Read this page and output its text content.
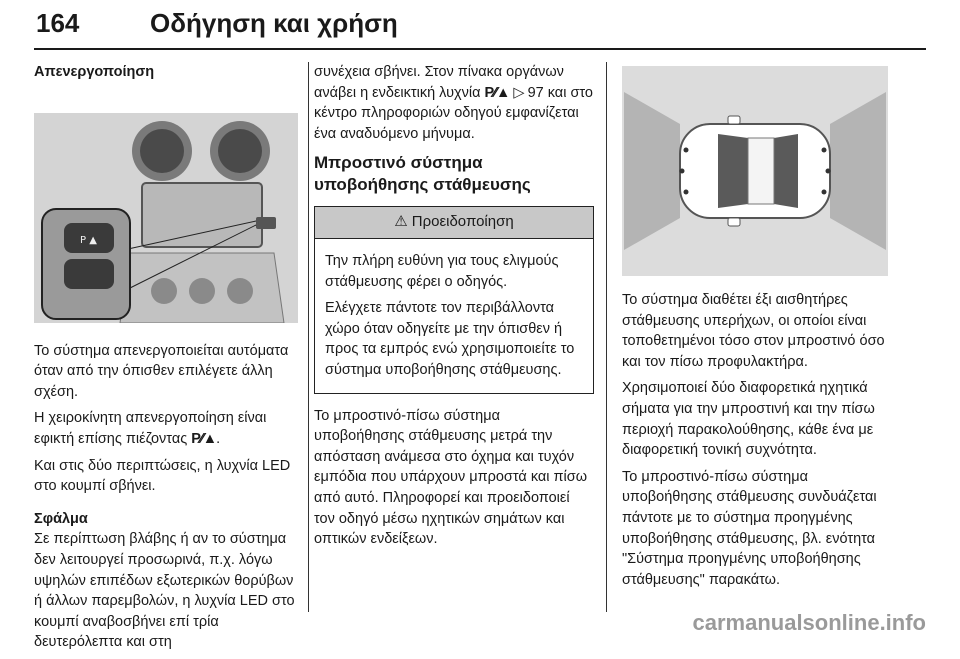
164	Οδήγηση και χρήση
Απενεργοποίηση
P ▲

Το σύστημα απενεργοποιείται αυτόματα όταν από την όπισθεν επιλέγετε άλλη σχέση.

Η χειροκίνητη απενεργοποίηση είναι εφικτή επίσης πιέζοντας P⁄⁄▲.

Και στις δύο περιπτώσεις, η λυχνία LED στο κουμπί σβήνει.

Σφάλμα

Σε περίπτωση βλάβης ή αν το σύστημα δεν λειτουργεί προσωρινά, π.χ. λόγω υψηλών επιπέδων εξωτερικών θορύβων ή άλλων παρεμβολών, η λυχνία LED στο κουμπί αναβοσβήνει επί τρία δευτερόλεπτα και στη

συνέχεια σβήνει. Στον πίνακα οργάνων ανάβει η ενδεικτική λυχνία P⁄⁄▲ ▷ 97 και στο κέντρο πληροφοριών οδηγού εμφανίζεται ένα αναδυόμενο μήνυμα.

Μπροστινό σύστημα υποβοήθησης στάθμευσης
⚠ Προειδοποίηση

Την πλήρη ευθύνη για τους ελιγμούς στάθμευσης φέρει ο οδηγός.

Ελέγχετε πάντοτε τον περιβάλλοντα χώρο όταν οδηγείτε με την όπισθεν ή προς τα εμπρός ενώ χρησιμοποιείτε το σύστημα υποβοήθησης στάθμευσης.

Το μπροστινό-πίσω σύστημα υποβοήθησης στάθμευσης μετρά την απόσταση ανάμεσα στο όχημα και τυχόν εμπόδια που υπάρχουν μπροστά και πίσω από αυτό. Πληροφορεί και προειδοποιεί τον οδηγό μέσω ηχητικών σημάτων και οπτικών ενδείξεων.

Το σύστημα διαθέτει έξι αισθητήρες στάθμευσης υπερήχων, οι οποίοι είναι τοποθετημένοι τόσο στον μπροστινό όσο και τον πίσω προφυλακτήρα.

Χρησιμοποιεί δύο διαφορετικά ηχητικά σήματα για την μπροστινή και την πίσω περιοχή παρακολούθησης, κάθε ένα με διαφορετική τονική συχνότητα.

Το μπροστινό-πίσω σύστημα υποβοήθησης στάθμευσης συνδυάζεται πάντοτε με το σύστημα προηγμένης υποβοήθησης στάθμευσης, βλ. ενότητα "Σύστημα προηγμένης υποβοήθησης στάθμευσης" παρακάτω.

carmanualsonline.info
